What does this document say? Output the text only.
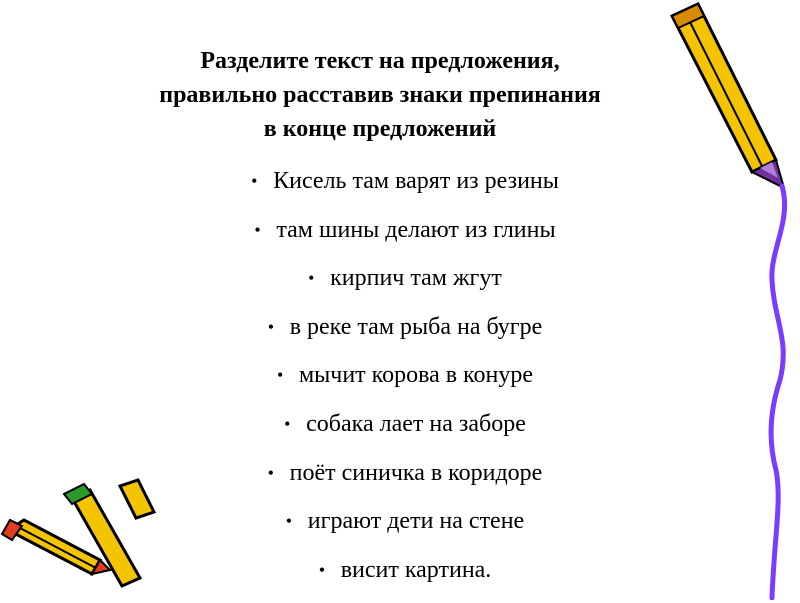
Разделите текст на предложения,
правильно расставив знаки препинания
в конце предложений
• Кисель там варят из резины
• там шины делают из глины
• кирпич там жгут
• в реке там рыба на бугре
• мычит корова в конуре
• собака лает на заборе
• поёт синичка в коридоре
• играют дети на стене
• висит картина.
